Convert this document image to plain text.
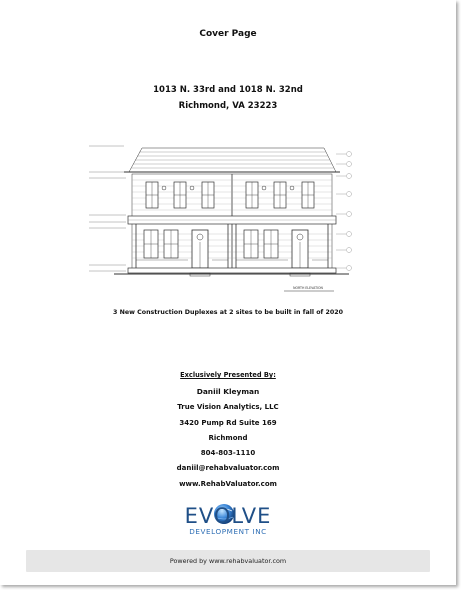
Cover Page
1013 N. 33rd and 1018 N. 32nd
Richmond, VA 23223
NORTH ELEVATION
3 New Construction Duplexes at 2 sites to be built in fall of 2020
Exclusively Presented By:
Daniil Kleyman
True Vision Analytics, LLC
3420 Pump Rd Suite 169
Richmond
804-803-1110
daniil@rehabvaluator.com
www.RehabValuator.com
EVOLVE
DEVELOPMENT INC
Powered by www.rehabvaluator.com
